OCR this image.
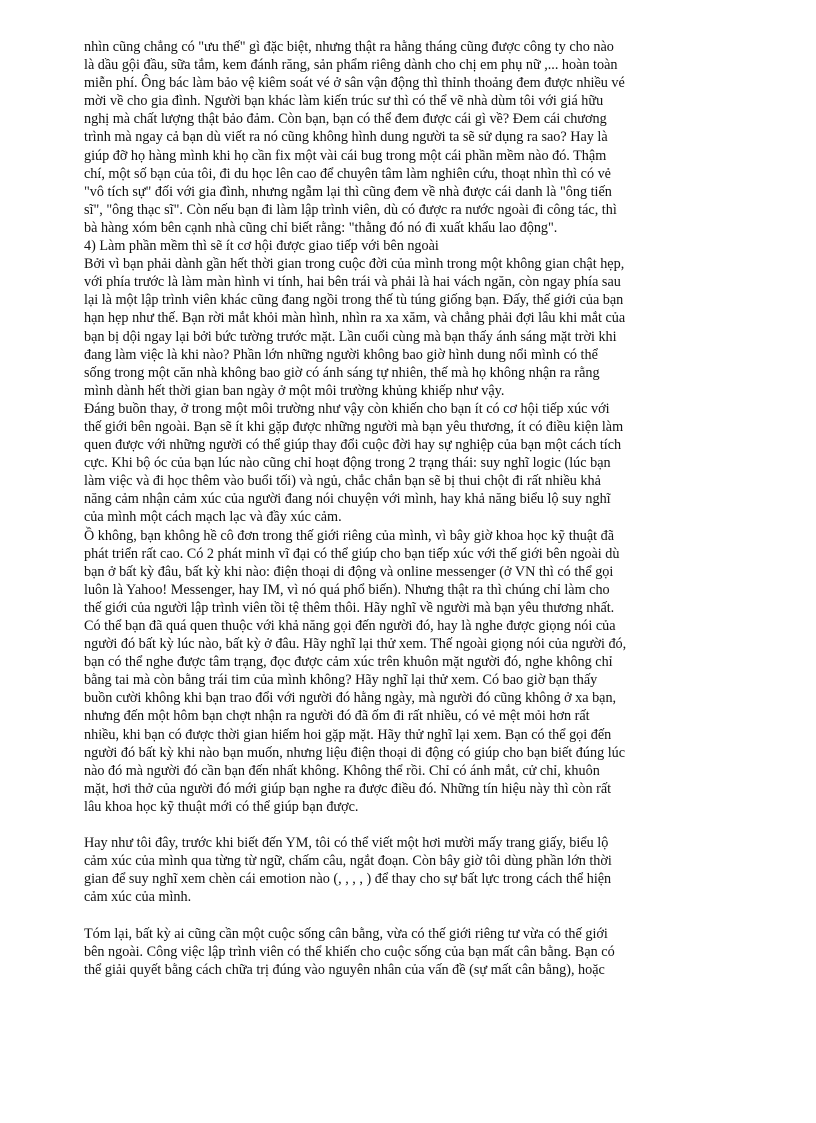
nhìn cũng chẳng có "ưu thế" gì đặc biệt, nhưng thật ra hằng tháng cũng được công ty cho nào
là dầu gội đầu, sữa tắm, kem đánh răng, sản phẩm riêng dành cho chị em phụ nữ ,... hoàn toàn
miễn phí. Ông bác làm bảo vệ kiêm soát vé ở sân vận động thì thỉnh thoảng đem được nhiều vé
mời về cho gia đình. Người bạn khác làm kiến trúc sư thì có thể vẽ nhà dùm tôi với giá hữu
nghị mà chất lượng thật bảo đảm. Còn bạn, bạn có thể đem được cái gì về? Đem cái chương
trình mà ngay cả bạn dù viết ra nó cũng không hình dung người ta sẽ sử dụng ra sao? Hay là
giúp đỡ họ hàng mình khi họ cần fix một vài cái bug trong một cái phần mềm nào đó. Thậm
chí, một số bạn của tôi, đi du học lên cao để chuyên tâm làm nghiên cứu, thoạt nhìn thì có vẻ
"vô tích sự" đối với gia đình, nhưng ngẫm lại thì cũng đem về nhà được cái danh là "ông tiến
sĩ", "ông thạc sĩ". Còn nếu bạn đi làm lập trình viên, dù có được ra nước ngoài đi công tác, thì
bà hàng xóm bên cạnh nhà cũng chỉ biết rằng: "thằng đó nó đi xuất khẩu lao động".
4) Làm phần mềm thì sẽ ít cơ hội được giao tiếp với bên ngoài
Bởi vì bạn phải dành gần hết thời gian trong cuộc đời của mình trong một không gian chật hẹp,
với phía trước là làm màn hình vi tính, hai bên trái và phải là hai vách ngăn, còn ngay phía sau
lại là một lập trình viên khác cũng đang ngồi trong thế tù túng giống bạn. Đấy, thế giới của bạn
hạn hẹp như thế. Bạn rời mắt khỏi màn hình, nhìn ra xa xăm, và chẳng phải đợi lâu khi mắt của
bạn bị dội ngay lại bởi bức tường trước mặt. Lần cuối cùng mà bạn thấy ánh sáng mặt trời khi
đang làm việc là khi nào? Phần lớn những người không bao giờ hình dung nổi mình có thể
sống trong một căn nhà không bao giờ có ánh sáng tự nhiên, thế mà họ không nhận ra rằng
mình dành hết thời gian ban ngày ở một môi trường khủng khiếp như vậy.
Đáng buồn thay, ở trong một môi trường như vậy còn khiến cho bạn ít có cơ hội tiếp xúc với
thế giới bên ngoài. Bạn sẽ ít khi gặp được những người mà bạn yêu thương, ít có điều kiện làm
quen được với những người có thể giúp thay đổi cuộc đời hay sự nghiệp của bạn một cách tích
cực. Khi bộ óc của bạn lúc nào cũng chỉ hoạt động trong 2 trạng thái: suy nghĩ logic (lúc bạn
làm việc và đi học thêm vào buổi tối) và ngủ, chắc chắn bạn sẽ bị thui chột đi rất nhiều khả
năng cảm nhận cảm xúc của người đang nói chuyện với mình, hay khả năng biểu lộ suy nghĩ
của mình một cách mạch lạc và đầy xúc cảm.
Ồ không, bạn không hề cô đơn trong thế giới riêng của mình, vì bây giờ khoa học kỹ thuật đã
phát triển rất cao. Có 2 phát minh vĩ đại có thể giúp cho bạn tiếp xúc với thế giới bên ngoài dù
bạn ở bất kỳ đâu, bất kỳ khi nào: điện thoại di động và online messenger (ở VN thì có thể gọi
luôn là Yahoo! Messenger, hay IM, vì nó quá phổ biến). Nhưng thật ra thì chúng chỉ làm cho
thế giới của người lập trình viên tồi tệ thêm thôi. Hãy nghĩ về người mà bạn yêu thương nhất.
Có thể bạn đã quá quen thuộc với khả năng gọi đến người đó, hay là nghe được giọng nói của
người đó bất kỳ lúc nào, bất kỳ ở đâu. Hãy nghĩ lại thử xem. Thế ngoài giọng nói của người đó,
bạn có thể nghe được tâm trạng, đọc được cảm xúc trên khuôn mặt người đó, nghe không chỉ
bằng tai mà còn bằng trái tim của mình không? Hãy nghĩ lại thử xem. Có bao giờ bạn thấy
buồn cười không khi bạn trao đổi với người đó hằng ngày, mà người đó cũng không ở xa bạn,
nhưng đến một hôm bạn chợt nhận ra người đó đã ốm đi rất nhiều, có vẻ mệt mỏi hơn rất
nhiều, khi bạn có được thời gian hiếm hoi gặp mặt. Hãy thử nghĩ lại xem. Bạn có thể gọi đến
người đó bất kỳ khi nào bạn muốn, nhưng liệu điện thoại di động có giúp cho bạn biết đúng lúc
nào đó mà người đó cần bạn đến nhất không. Không thể rồi. Chỉ có ánh mắt, cử chỉ, khuôn
mặt, hơi thở của người đó mới giúp bạn nghe ra được điều đó. Những tín hiệu này thì còn rất
lâu khoa học kỹ thuật mới có thể giúp bạn được.
Hay như tôi đây, trước khi biết đến YM, tôi có thể viết một hơi mười mấy trang giấy, biểu lộ
cảm xúc của mình qua từng từ ngữ, chấm câu, ngắt đoạn. Còn bây giờ tôi dùng phần lớn thời
gian để suy nghĩ xem chèn cái emotion nào (, , , , ) để thay cho sự bất lực trong cách thể hiện
cảm xúc của mình.
Tóm lại, bất kỳ ai cũng cần một cuộc sống cân bằng, vừa có thế giới riêng tư vừa có thế giới
bên ngoài. Công việc lập trình viên có thể khiến cho cuộc sống của bạn mất cân bằng. Bạn có
thể giải quyết bằng cách chữa trị đúng vào nguyên nhân của vấn đề (sự mất cân bằng), hoặc
